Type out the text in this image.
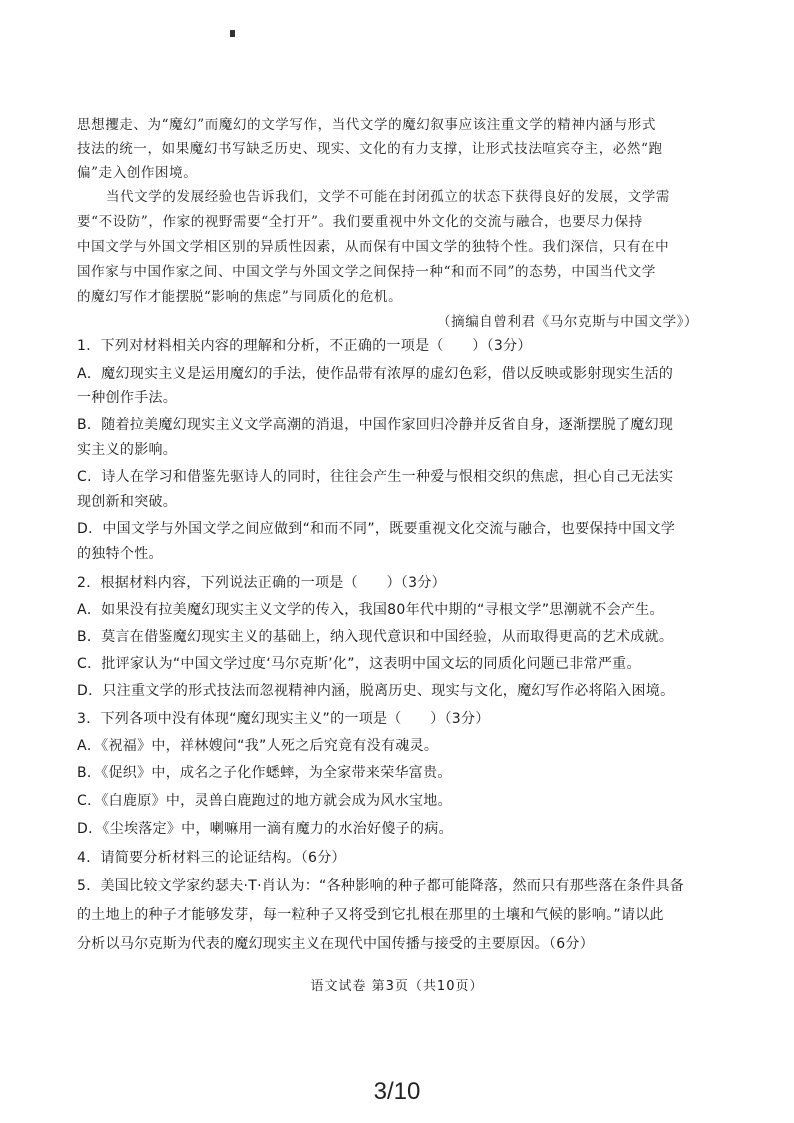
思想攫走、为“魔幻”而魔幻的文学写作，当代文学的魔幻叙事应该注重文学的精神内涵与形式
技法的统一，如果魔幻书写缺乏历史、现实、文化的有力支撑，让形式技法喧宾夺主，必然“跑
偏”走入创作困境。
当代文学的发展经验也告诉我们，文学不可能在封闭孤立的状态下获得良好的发展，文学需
要“不设防”，作家的视野需要“全打开”。我们要重视中外文化的交流与融合，也要尽力保持
中国文学与外国文学相区别的异质性因素，从而保有中国文学的独特个性。我们深信，只有在中
国作家与中国作家之间、中国文学与外国文学之间保持一种“和而不同”的态势，中国当代文学
的魔幻写作才能摆脱“影响的焦虑”与同质化的危机。
（摘编自曾利君《马尔克斯与中国文学》）
1．下列对材料相关内容的理解和分析，不正确的一项是（　　）（3分）
A．魔幻现实主义是运用魔幻的手法，使作品带有浓厚的虚幻色彩，借以反映或影射现实生活的
一种创作手法。
B．随着拉美魔幻现实主义文学高潮的消退，中国作家回归冷静并反省自身，逐渐摆脱了魔幻现
实主义的影响。
C．诗人在学习和借鉴先驱诗人的同时，往往会产生一种爱与恨相交织的焦虑，担心自己无法实
现创新和突破。
D．中国文学与外国文学之间应做到“和而不同”，既要重视文化交流与融合，也要保持中国文学
的独特个性。
2．根据材料内容，下列说法正确的一项是（　　）（3分）
A．如果没有拉美魔幻现实主义文学的传入，我国80年代中期的“寻根文学”思潮就不会产生。
B．莫言在借鉴魔幻现实主义的基础上，纳入现代意识和中国经验，从而取得更高的艺术成就。
C．批评家认为“中国文学过度‘马尔克斯’化”，这表明中国文坛的同质化问题已非常严重。
D．只注重文学的形式技法而忽视精神内涵，脱离历史、现实与文化，魔幻写作必将陷入困境。
3．下列各项中没有体现“魔幻现实主义”的一项是（　　）（3分）
A．《祝福》中，祥林嫂问“我”人死之后究竟有没有魂灵。
B．《促织》中，成名之子化作蟋蟀，为全家带来荣华富贵。
C．《白鹿原》中，灵兽白鹿跑过的地方就会成为风水宝地。
D．《尘埃落定》中，喇嘛用一滴有魔力的水治好傻子的病。
4．请简要分析材料三的论证结构。（6分）
5．美国比较文学家约瑟夫·T·肖认为：“各种影响的种子都可能降落，然而只有那些落在条件具备
的土地上的种子才能够发芽，每一粒种子又将受到它扎根在那里的土壤和气候的影响。”请以此
分析以马尔克斯为代表的魔幻现实主义在现代中国传播与接受的主要原因。（6分）
语文试卷 第3页（共10页）
3/10
